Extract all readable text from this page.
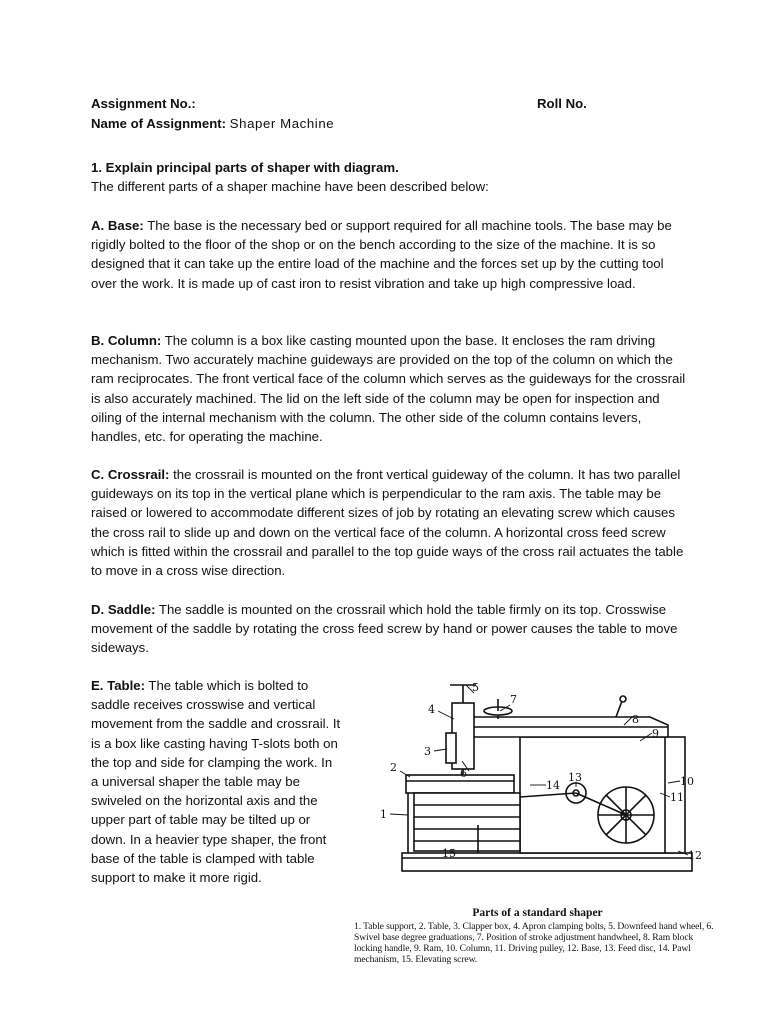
Assignment No.:	Roll No.
Name of Assignment: Shaper Machine
1. Explain principal parts of shaper with diagram.
The different parts of a shaper machine have been described below:

A. Base: The base is the necessary bed or support required for all machine tools. The base may be rigidly bolted to the floor of the shop or on the bench according to the size of the machine. It is so designed that it can take up the entire load of the machine and the forces set up by the cutting tool over the work. It is made up of cast iron to resist vibration and take up high compressive load.

B. Column: The column is a box like casting mounted upon the base. It encloses the ram driving mechanism. Two accurately machine guideways are provided on the top of the column on which the ram reciprocates. The front vertical face of the column which serves as the guideways for the crossrail is also accurately machined. The lid on the left side of the column may be open for inspection and oiling of the internal mechanism with the column. The other side of the column contains levers, handles, etc. for operating the machine.

C. Crossrail: the crossrail is mounted on the front vertical guideway of the column. It has two parallel guideways on its top in the vertical plane which is perpendicular to the ram axis. The table may be raised or lowered to accommodate different sizes of job by rotating an elevating screw which causes the cross rail to slide up and down on the vertical face of the column. A horizontal cross feed screw which is fitted within the crossrail and parallel to the top guide ways of the cross rail actuates the table to move in a cross wise direction.

D. Saddle: The saddle is mounted on the crossrail which hold the table firmly on its top. Crosswise movement of the saddle by rotating the cross feed screw by hand or power causes the table to move sideways.

E. Table: The table which is bolted to saddle receives crosswise and vertical movement from the saddle and crossrail. It is a box like casting having T-slots both on the top and side for clamping the work. In a universal shaper the table may be swiveled on the horizontal axis and the upper part of table may be tilted up or down. In a heavier type shaper, the front base of the table is clamped with table support to make it more rigid.

1
2
3
4
5
6
7
8
9
10
11
12
13
14
15
Parts of a standard shaper
1. Table support, 2. Table, 3. Clapper box, 4. Apron clamping bolts, 5. Downfeed hand wheel, 6. Swivel base degree graduations, 7. Position of stroke adjustment handwheel, 8. Ram block locking handle, 9. Ram, 10. Column, 11. Driving pulley, 12. Base, 13. Feed disc, 14. Pawl mechanism, 15. Elevating screw.
